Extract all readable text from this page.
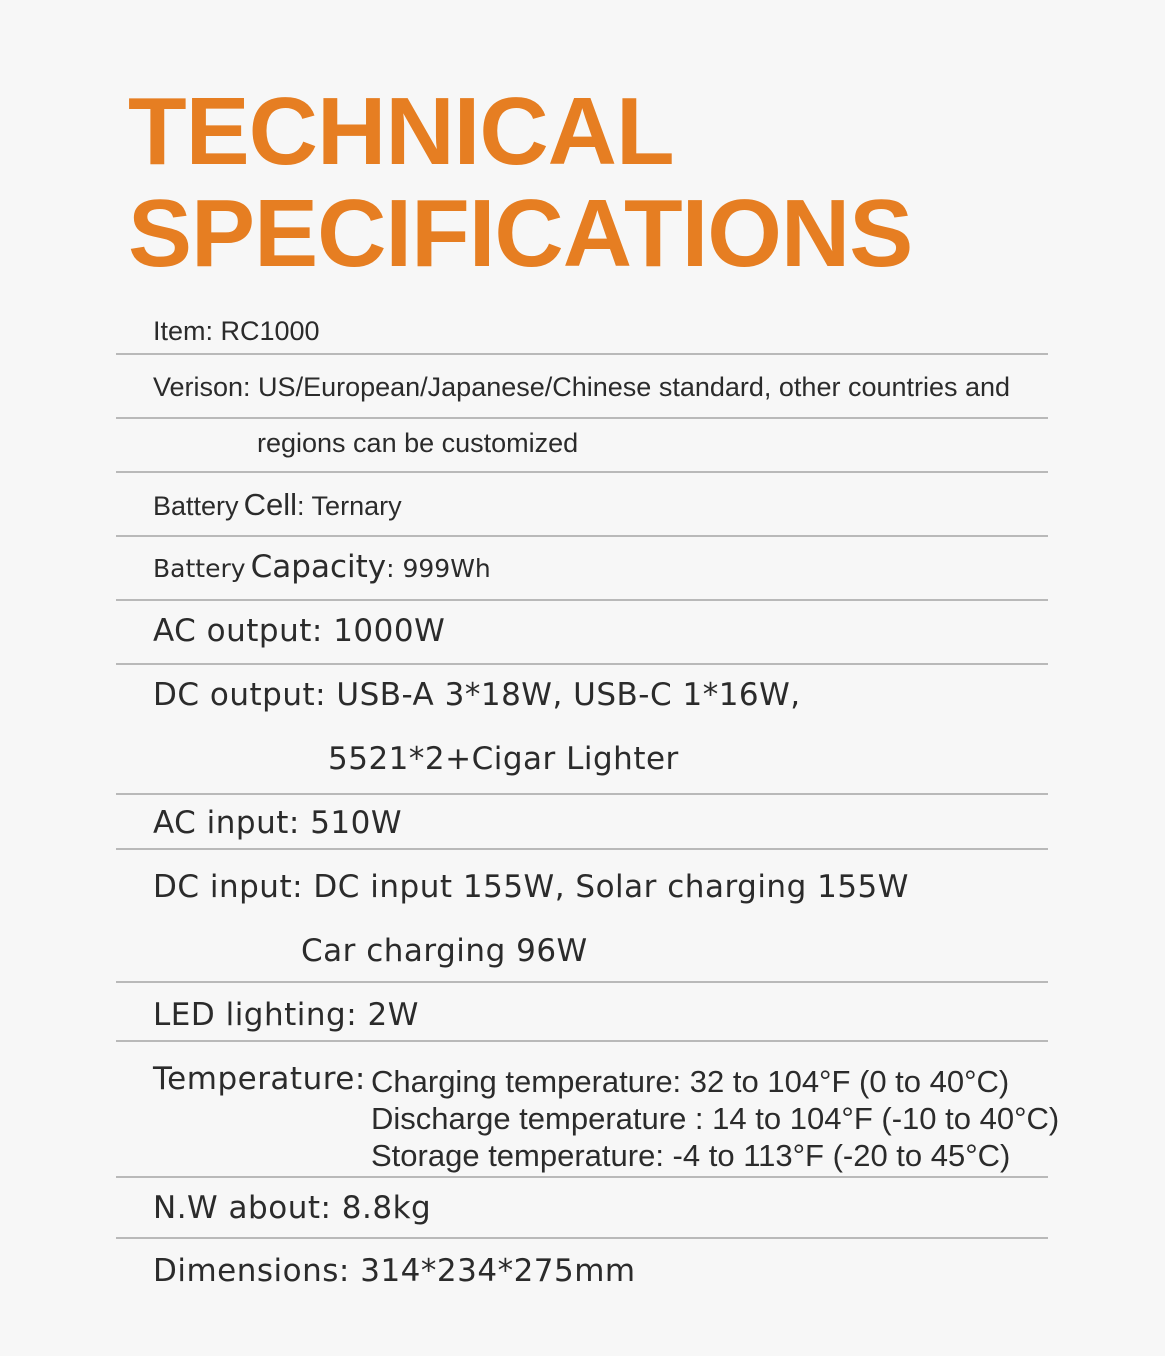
TECHNICAL
SPECIFICATIONS
Item: RC1000
Verison: US/European/Japanese/Chinese standard, other countries and
regions can be customized
Battery Cell: Ternary
Battery Capacity: 999Wh
AC output: 1000W
DC output: USB-A 3*18W, USB-C 1*16W,
5521*2+Cigar Lighter
AC input: 510W
DC input: DC input 155W, Solar charging 155W
Car charging 96W
LED lighting: 2W
Temperature: Charging temperature: 32 to 104°F (0 to 40°C)
Discharge temperature : 14 to 104°F (-10 to 40°C)
Storage temperature: -4 to 113°F (-20 to 45°C)
N.W about: 8.8kg
Dimensions: 314*234*275mm
